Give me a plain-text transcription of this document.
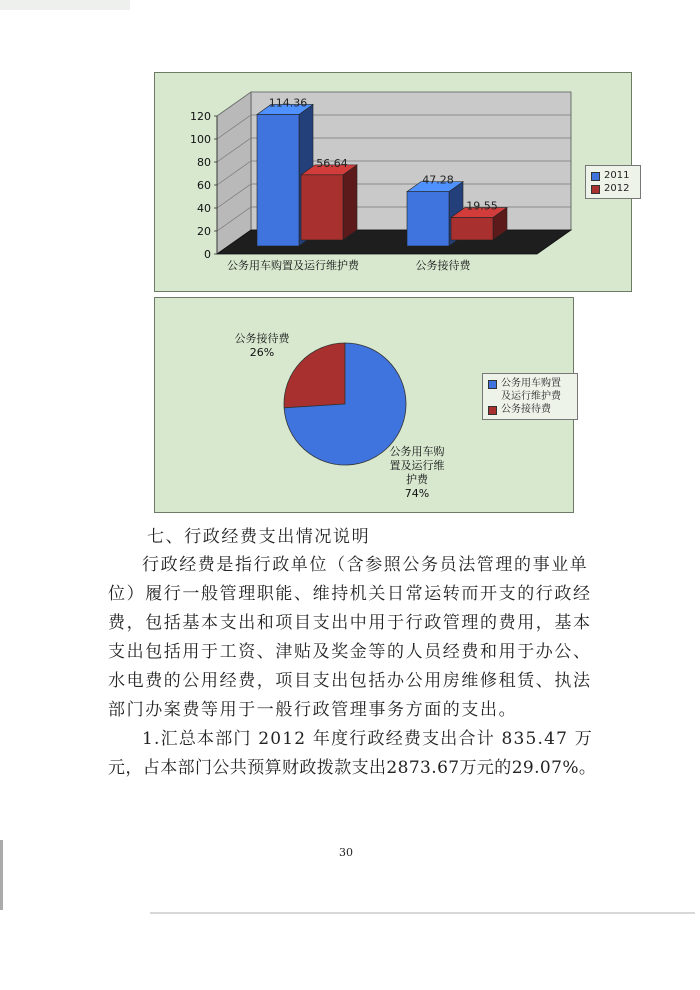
0
20
40
60
80
100
120
114.36
56.64
公务用车购置及运行维护费
47.28
19.55
公务接待费
2011
2012
公务接待费
26%
公务用车购
置及运行维
护费
74%
公务用车购置
及运行维护费
公务接待费
七、行政经费支出情况说明
行政经费是指行政单位（含参照公务员法管理的事业单
位）履行一般管理职能、维持机关日常运转而开支的行政经
费，包括基本支出和项目支出中用于行政管理的费用，基本
支出包括用于工资、津贴及奖金等的人员经费和用于办公、
水电费的公用经费，项目支出包括办公用房维修租赁、执法
部门办案费等用于一般行政管理事务方面的支出。
1.汇总本部门 2012 年度行政经费支出合计 835.47 万
元，占本部门公共预算财政拨款支出2873.67万元的29.07%。
30
